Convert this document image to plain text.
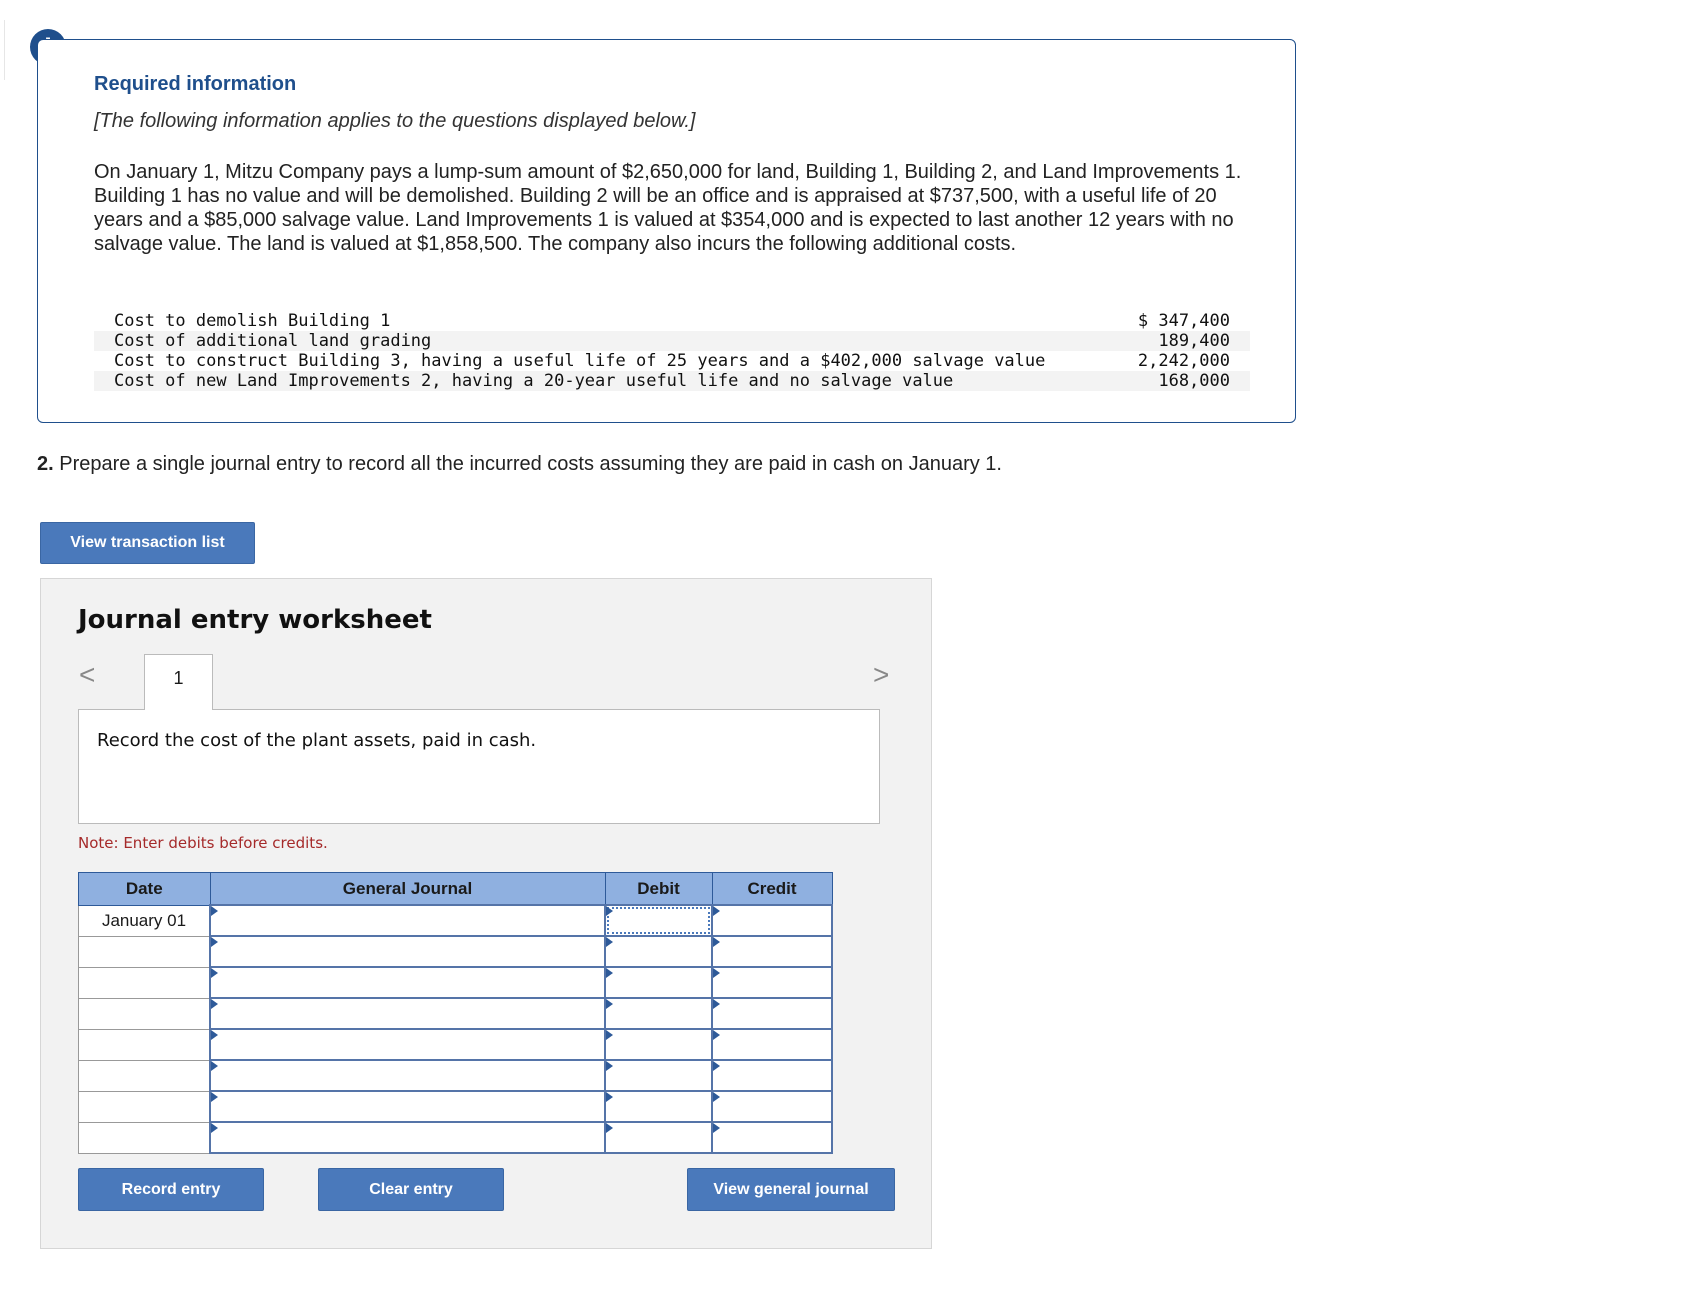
Required information
[The following information applies to the questions displayed below.]
On January 1, Mitzu Company pays a lump-sum amount of $2,650,000 for land, Building 1, Building 2, and Land Improvements 1. Building 1 has no value and will be demolished. Building 2 will be an office and is appraised at $737,500, with a useful life of 20 years and a $85,000 salvage value. Land Improvements 1 is valued at $354,000 and is expected to last another 12 years with no salvage value. The land is valued at $1,858,500. The company also incurs the following additional costs.
Cost to demolish Building 1	$ 347,400
Cost of additional land grading	189,400
Cost to construct Building 3, having a useful life of 25 years and a $402,000 salvage value	2,242,000
Cost of new Land Improvements 2, having a 20-year useful life and no salvage value	168,000
2. Prepare a single journal entry to record all the incurred costs assuming they are paid in cash on January 1.
View transaction list
Journal entry worksheet
<	1	>
Record the cost of the plant assets, paid in cash.
Note: Enter debits before credits.
Date	General Journal	Debit	Credit
January 01	

Record entry	Clear entry	View general journal
